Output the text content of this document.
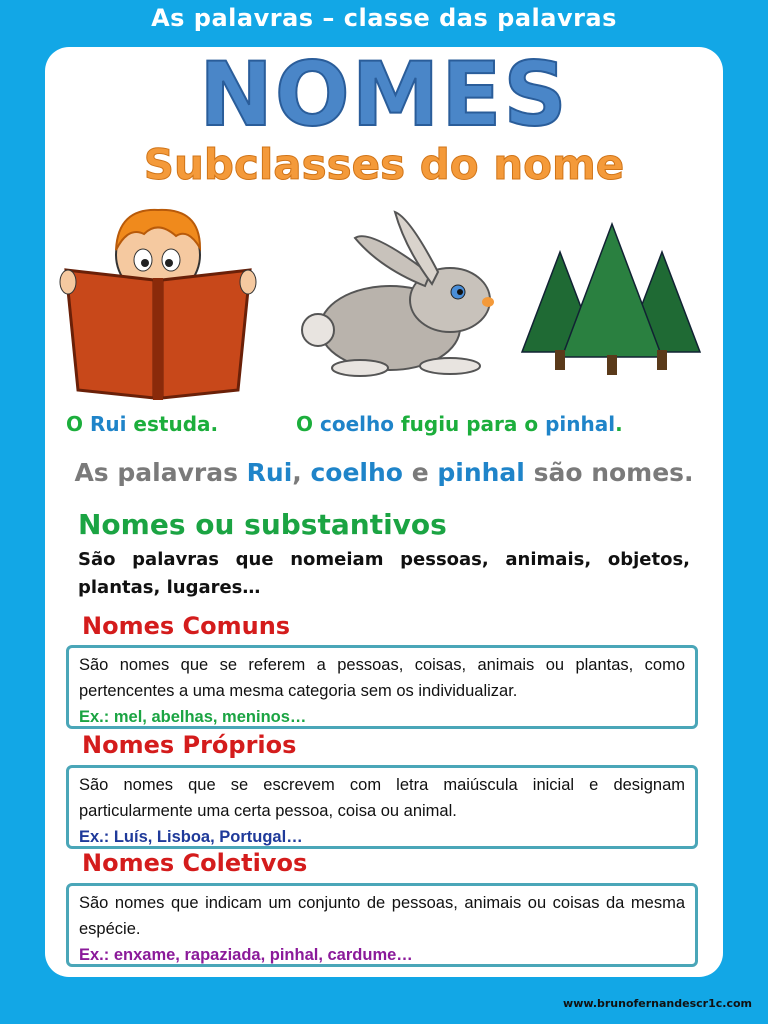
As palavras – classe das palavras
NOMES
Subclasses do nome
O Rui estuda.	O coelho fugiu para o pinhal.
As palavras Rui, coelho e pinhal são nomes.
Nomes ou substantivos
São palavras que nomeiam pessoas, animais, objetos, plantas, lugares…
Nomes Comuns
São nomes que se referem a pessoas, coisas, animais ou plantas, como pertencentes a uma mesma categoria sem os individualizar.
Ex.: mel, abelhas, meninos…
Nomes Próprios
São nomes que se escrevem com letra maiúscula inicial e designam particularmente uma certa pessoa, coisa ou animal.
Ex.: Luís, Lisboa, Portugal…
Nomes Coletivos
São nomes que indicam um conjunto de pessoas, animais ou coisas da mesma espécie.
Ex.: enxame, rapaziada, pinhal, cardume…
www.brunofernandescr1c.com
